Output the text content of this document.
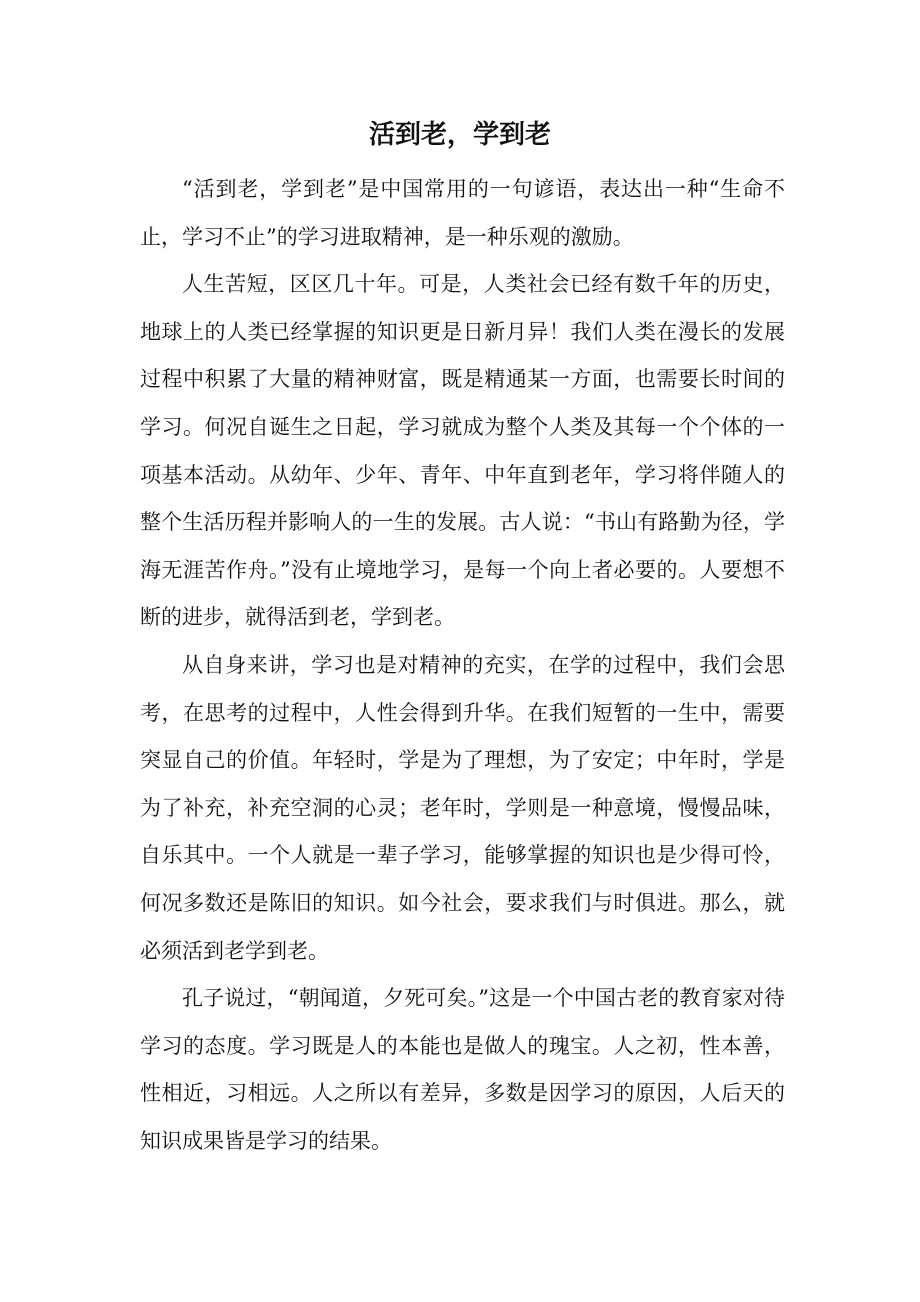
活到老，学到老

“活到老，学到老”是中国常用的一句谚语，表达出一种“生命不止，学习不止”的学习进取精神，是一种乐观的激励。

人生苦短，区区几十年。可是，人类社会已经有数千年的历史，地球上的人类已经掌握的知识更是日新月异！我们人类在漫长的发展过程中积累了大量的精神财富，既是精通某一方面，也需要长时间的学习。何况自诞生之日起，学习就成为整个人类及其每一个个体的一项基本活动。从幼年、少年、青年、中年直到老年，学习将伴随人的整个生活历程并影响人的一生的发展。古人说：“书山有路勤为径，学海无涯苦作舟。”没有止境地学习，是每一个向上者必要的。人要想不断的进步，就得活到老，学到老。

从自身来讲，学习也是对精神的充实，在学的过程中，我们会思考，在思考的过程中，人性会得到升华。在我们短暂的一生中，需要突显自己的价值。年轻时，学是为了理想，为了安定；中年时，学是为了补充，补充空洞的心灵；老年时，学则是一种意境，慢慢品味，自乐其中。一个人就是一辈子学习，能够掌握的知识也是少得可怜，何况多数还是陈旧的知识。如今社会，要求我们与时俱进。那么，就必须活到老学到老。

孔子说过，“朝闻道，夕死可矣。”这是一个中国古老的教育家对待学习的态度。学习既是人的本能也是做人的瑰宝。人之初，性本善，性相近，习相远。人之所以有差异，多数是因学习的原因，人后天的知识成果皆是学习的结果。
